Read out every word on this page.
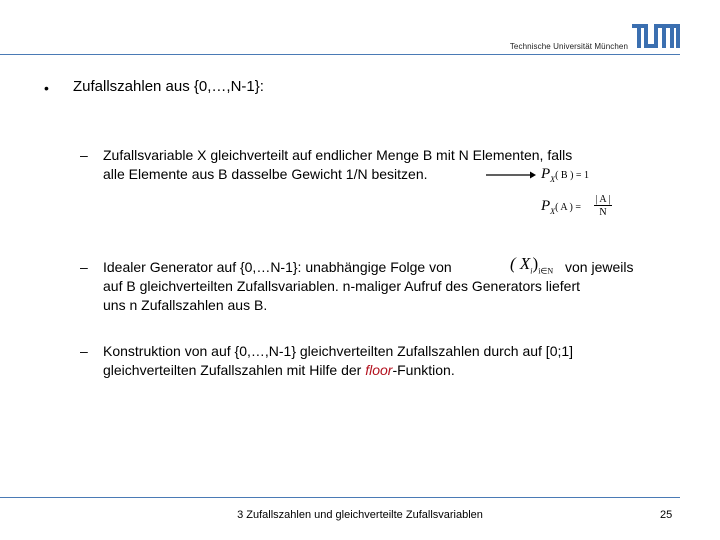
Technische Universität München
• Zufallszahlen aus {0,…,N-1}:
– Zufallsvariable X gleichverteilt auf endlicher Menge B mit N Elementen, falls
alle Elemente aus B dasselbe Gewicht 1/N besitzen.	$P_X$( B ) = 1
$P_X$( A ) =
| A |
N
– Idealer Generator auf {0,…N-1}: unabhängige Folge von	von jeweils
auf B gleichverteilten Zufallsvariablen. n-maliger Aufruf des Generators liefert
uns n Zufallszahlen aus B.
( $X_i)_{i\in N}$
– Konstruktion von auf {0,…,N-1} gleichverteilten Zufallszahlen durch auf [0;1]
gleichverteilten Zufallszahlen mit Hilfe der floor-Funktion.
3 Zufallszahlen und gleichverteilte Zufallsvariablen	25
